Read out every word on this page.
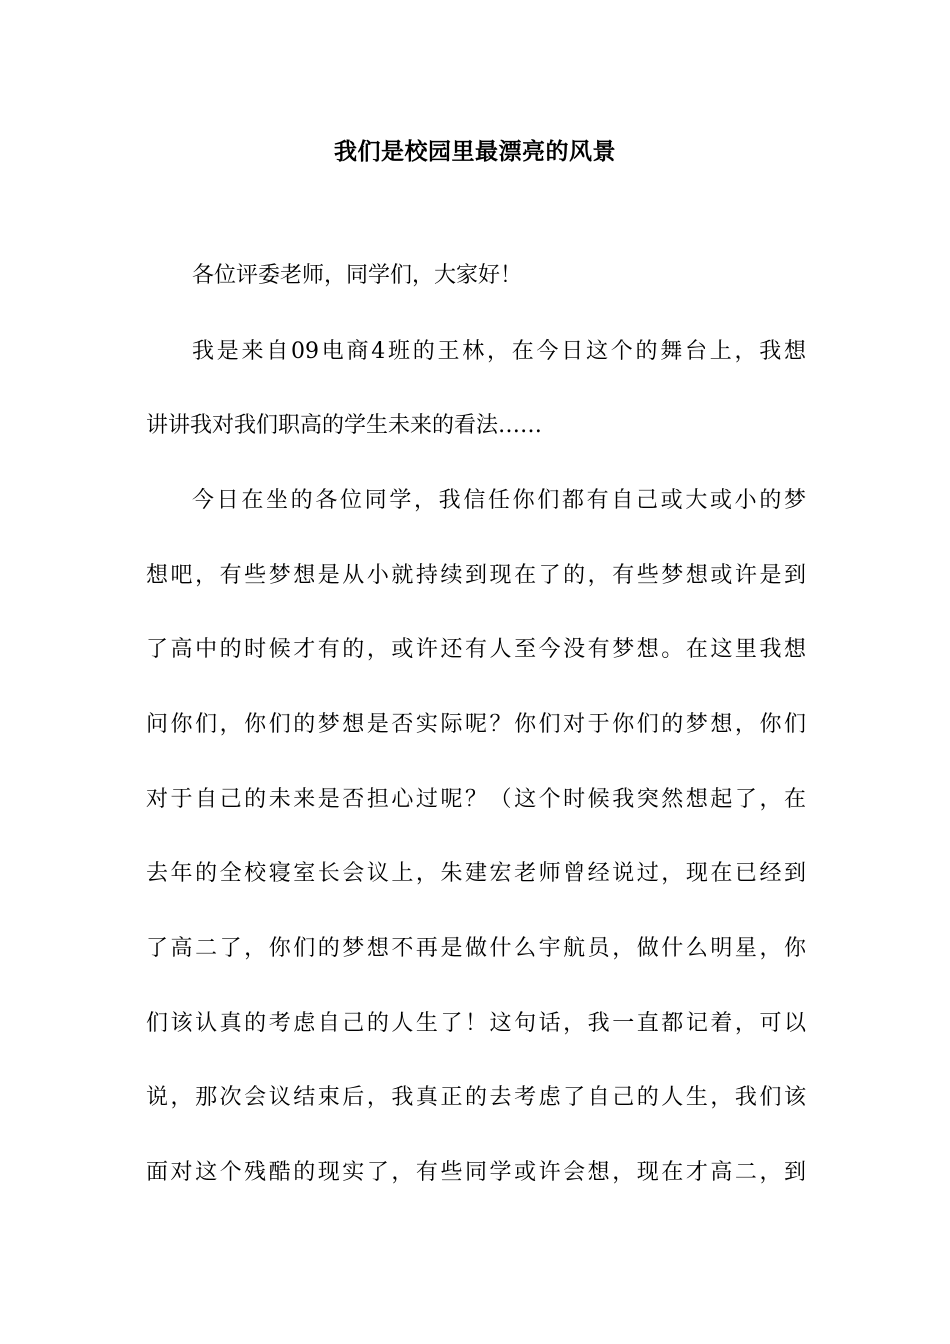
我们是校园里最漂亮的风景
各位评委老师，同学们，大家好！
我是来自09电商4班的王林，在今日这个的舞台上，我想
讲讲我对我们职高的学生未来的看法……
今日在坐的各位同学，我信任你们都有自己或大或小的梦
想吧，有些梦想是从小就持续到现在了的，有些梦想或许是到
了高中的时候才有的，或许还有人至今没有梦想。在这里我想
问你们，你们的梦想是否实际呢？你们对于你们的梦想，你们
对于自己的未来是否担心过呢？（这个时候我突然想起了，在
去年的全校寝室长会议上，朱建宏老师曾经说过，现在已经到
了高二了，你们的梦想不再是做什么宇航员，做什么明星，你
们该认真的考虑自己的人生了！这句话，我一直都记着，可以
说，那次会议结束后，我真正的去考虑了自己的人生，我们该
面对这个残酷的现实了，有些同学或许会想，现在才高二，到
